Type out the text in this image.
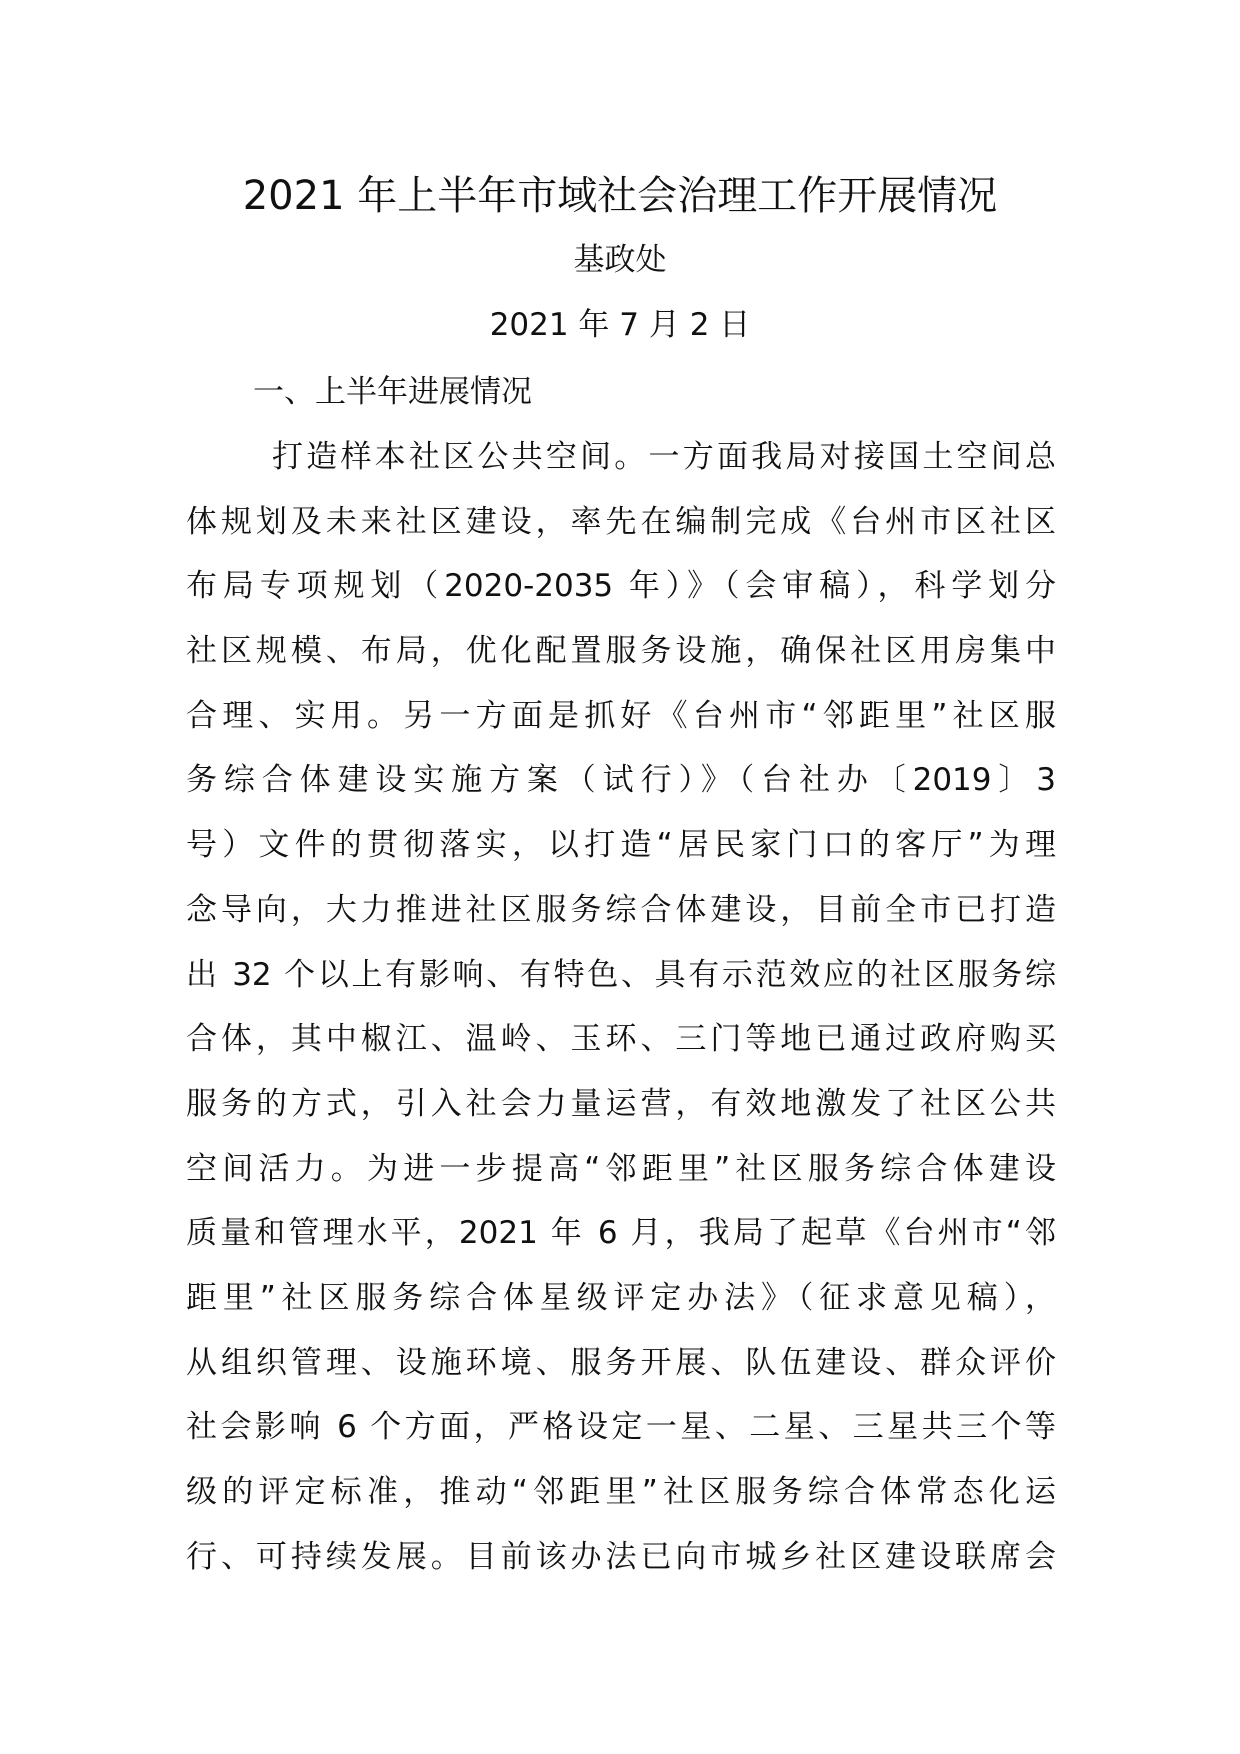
2021 年上半年市域社会治理工作开展情况
基政处
2021 年 7 月 2 日
一、上半年进展情况
打造样本社区公共空间。一方面我局对接国土空间总
体规划及未来社区建设，率先在编制完成《台州市区社区
布局专项规划（2020-2035 年）》（会审稿），科学划分
社区规模、布局，优化配置服务设施，确保社区用房集中
合理、实用。另一方面是抓好《台州市“邻距里”社区服
务综合体建设实施方案（试行）》（台社办〔2019〕3
号）文件的贯彻落实，以打造“居民家门口的客厅”为理
念导向，大力推进社区服务综合体建设，目前全市已打造
出 32 个以上有影响、有特色、具有示范效应的社区服务综
合体，其中椒江、温岭、玉环、三门等地已通过政府购买
服务的方式，引入社会力量运营，有效地激发了社区公共
空间活力。为进一步提高“邻距里”社区服务综合体建设
质量和管理水平，2021 年 6 月，我局了起草《台州市“邻
距里”社区服务综合体星级评定办法》（征求意见稿），
从组织管理、设施环境、服务开展、队伍建设、群众评价
社会影响 6 个方面，严格设定一星、二星、三星共三个等
级的评定标准，推动“邻距里”社区服务综合体常态化运
行、可持续发展。目前该办法已向市城乡社区建设联席会
